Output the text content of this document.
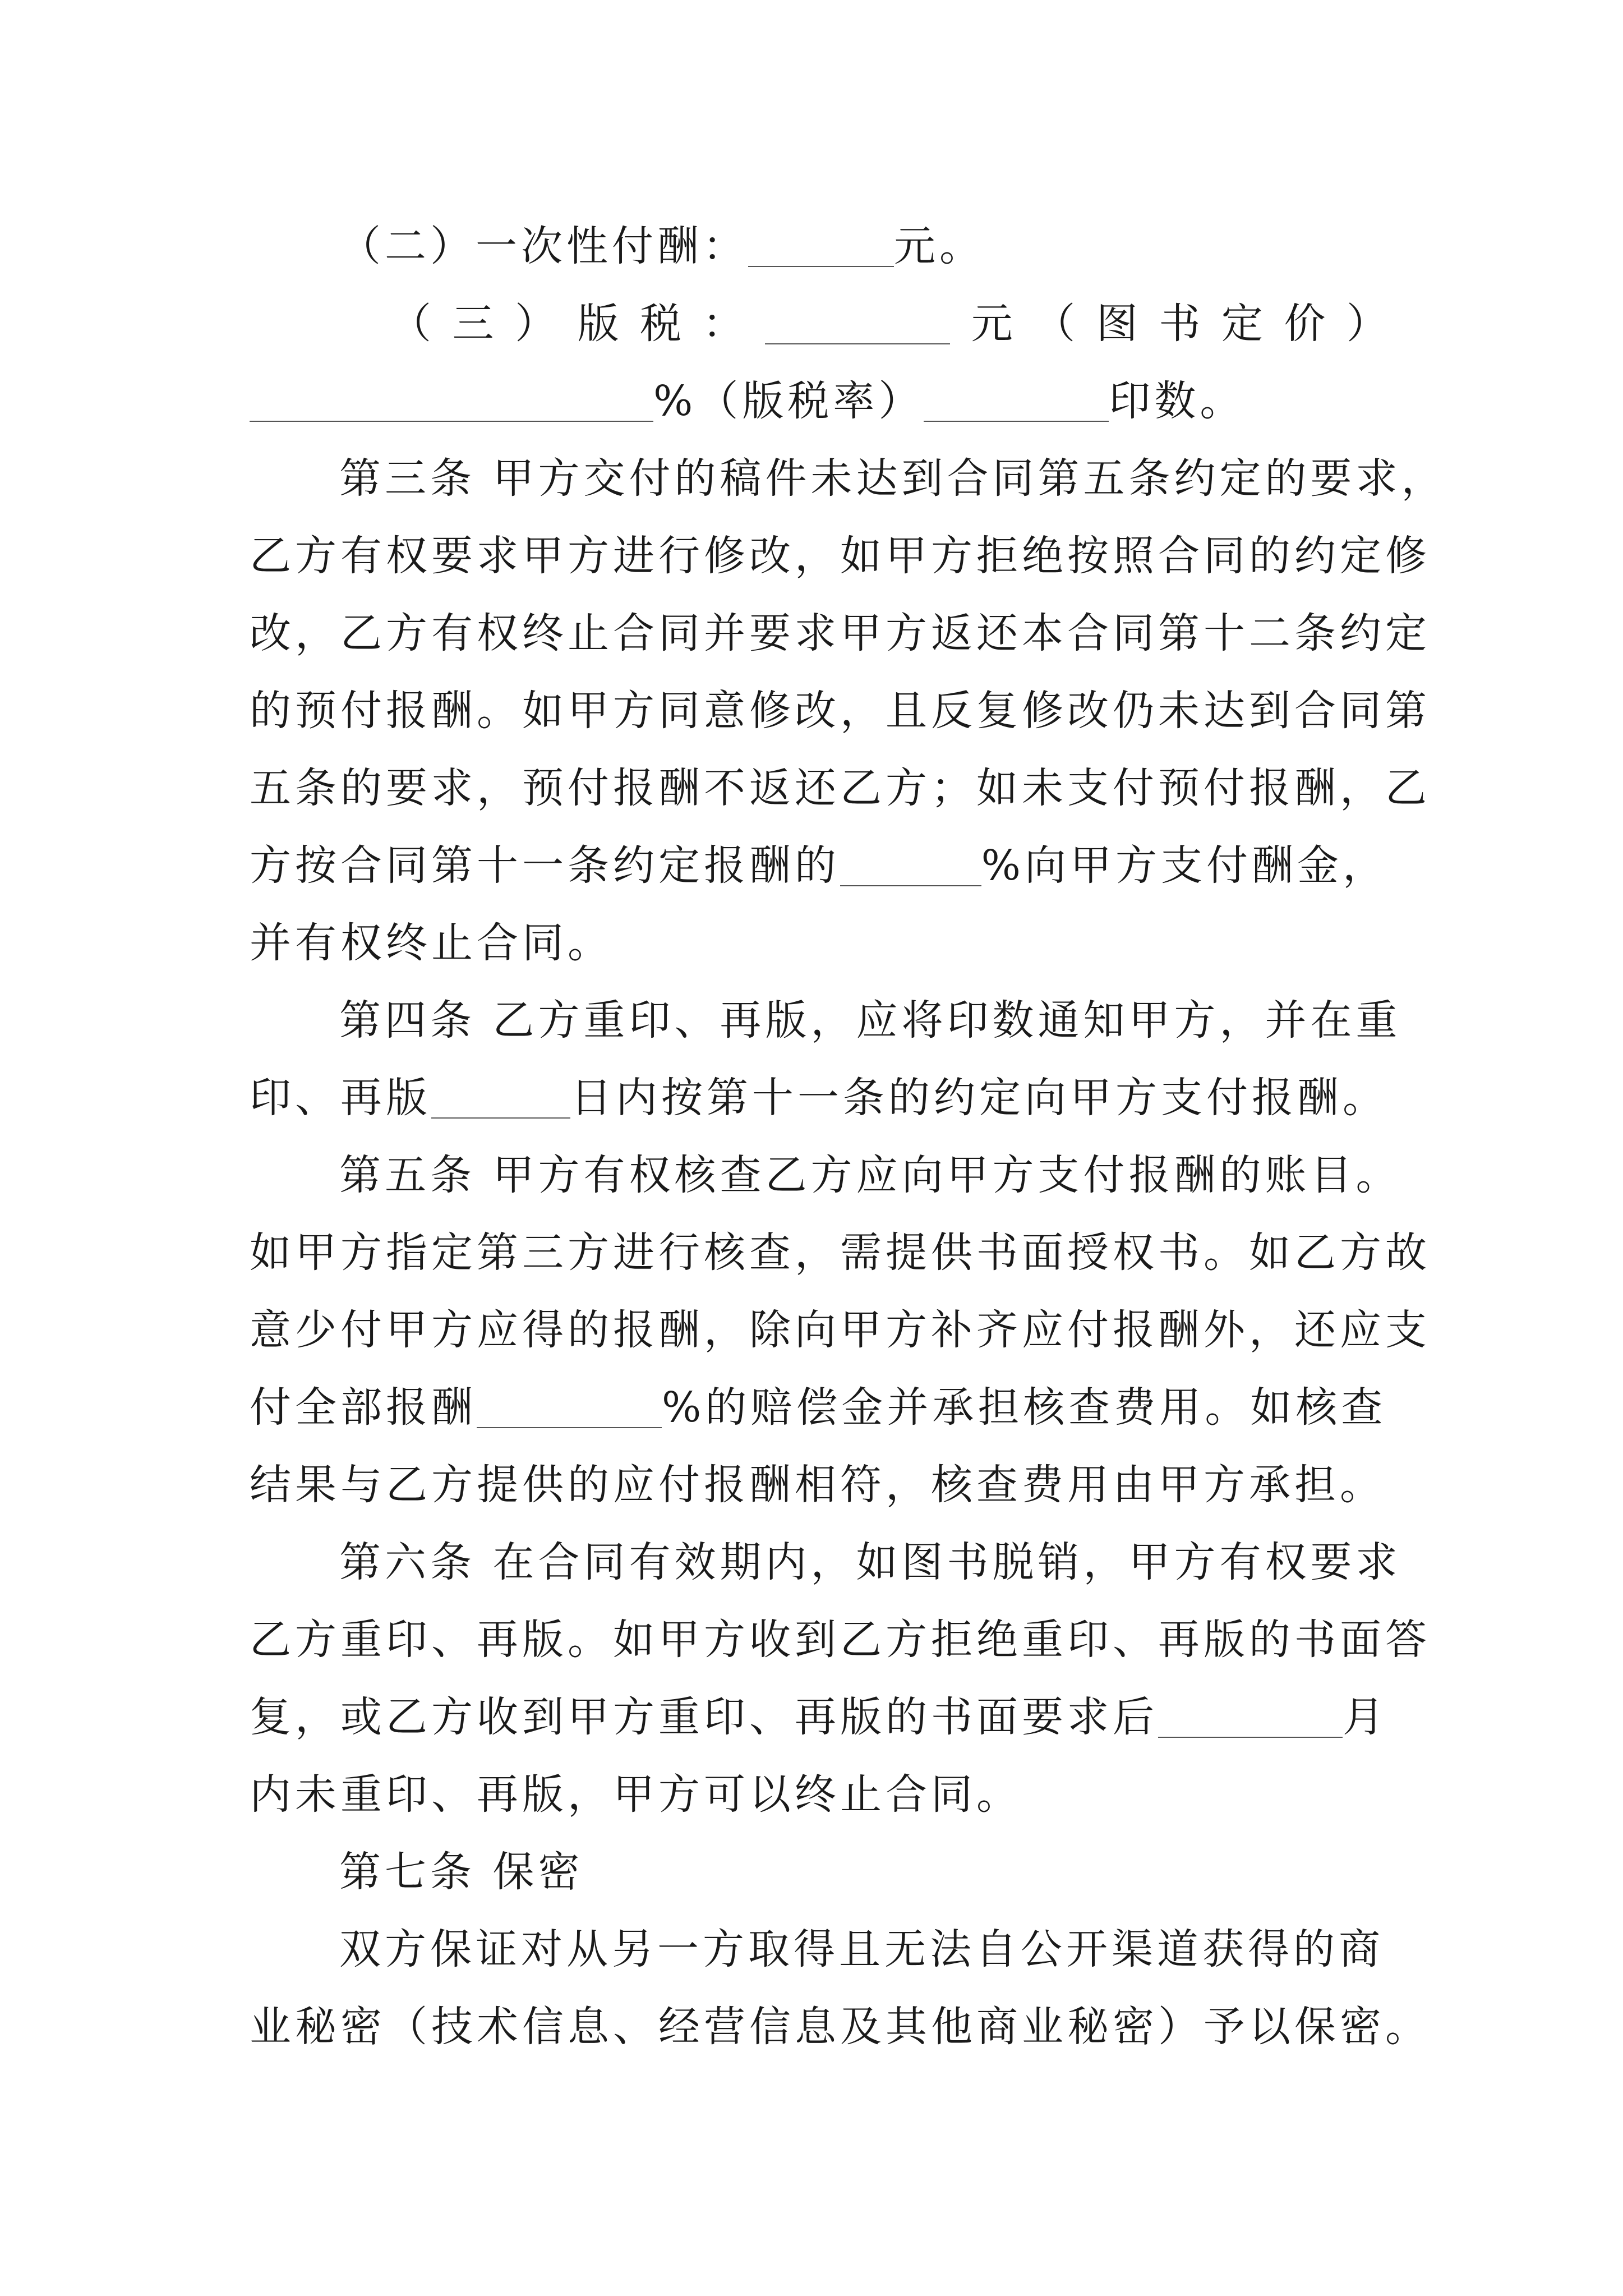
（二）一次性付酬：	元。
（ 三 ） 版 税 ：	元 （ 图 书 定 价 ）
%（版税率）	印数。
第三条 甲方交付的稿件未达到合同第五条约定的要求，
乙方有权要求甲方进行修改，如甲方拒绝按照合同的约定修
改，乙方有权终止合同并要求甲方返还本合同第十二条约定
的预付报酬。如甲方同意修改，且反复修改仍未达到合同第
五条的要求，预付报酬不返还乙方；如未支付预付报酬，乙
方按合同第十一条约定报酬的	%向甲方支付酬金，
并有权终止合同。
第四条 乙方重印、再版，应将印数通知甲方，并在重
印、再版	日内按第十一条的约定向甲方支付报酬。
第五条 甲方有权核查乙方应向甲方支付报酬的账目。
如甲方指定第三方进行核查，需提供书面授权书。如乙方故
意少付甲方应得的报酬，除向甲方补齐应付报酬外，还应支
付全部报酬	%的赔偿金并承担核查费用。如核查
结果与乙方提供的应付报酬相符，核查费用由甲方承担。
第六条 在合同有效期内，如图书脱销，甲方有权要求
乙方重印、再版。如甲方收到乙方拒绝重印、再版的书面答
复，或乙方收到甲方重印、再版的书面要求后	月
内未重印、再版，甲方可以终止合同。
第七条 保密
双方保证对从另一方取得且无法自公开渠道获得的商
业秘密（技术信息、经营信息及其他商业秘密）予以保密。
